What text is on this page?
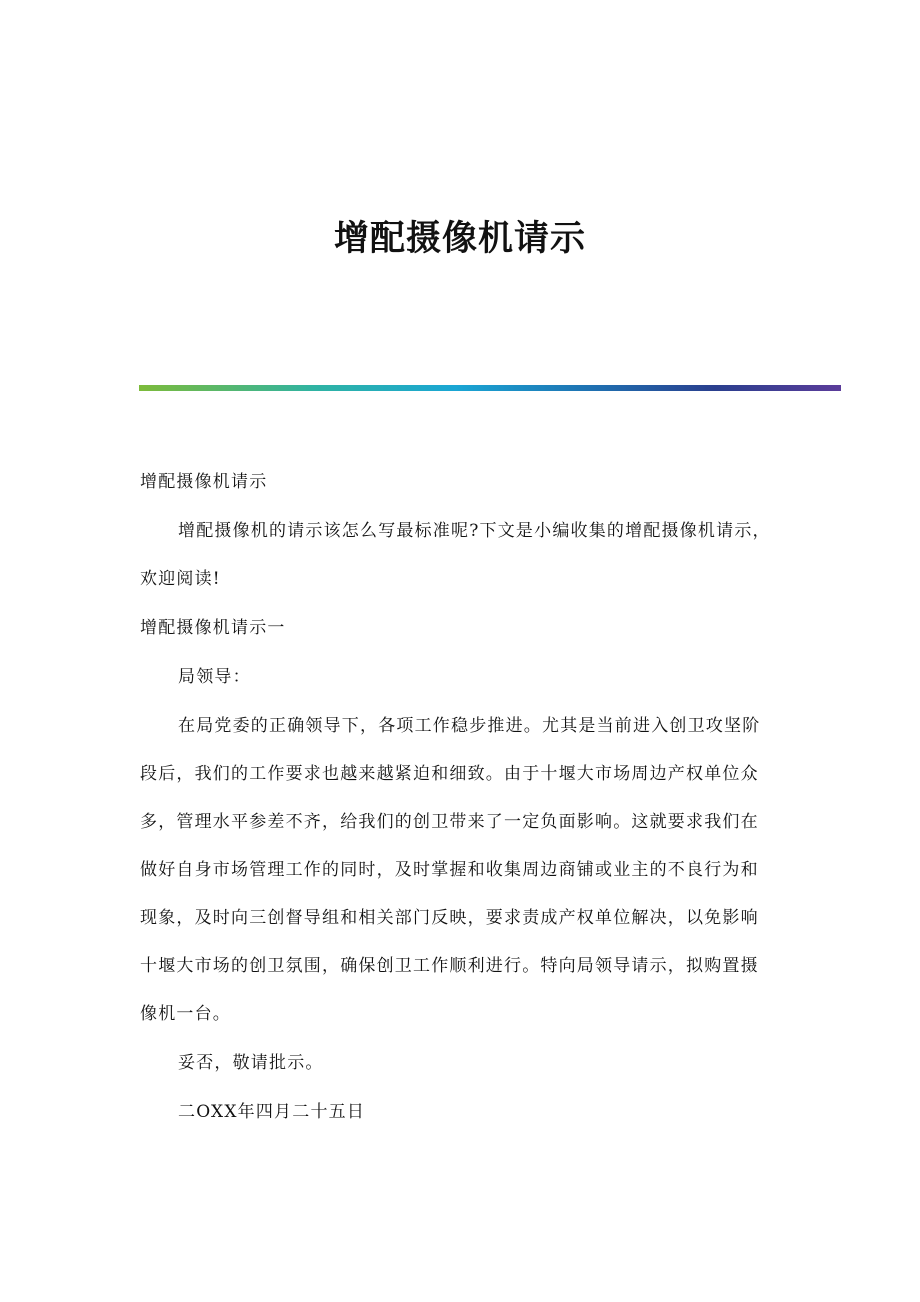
增配摄像机请示

增配摄像机请示

增配摄像机的请示该怎么写最标准呢?下文是小编收集的增配摄像机请示，欢迎阅读!

增配摄像机请示一

局领导：

在局党委的正确领导下，各项工作稳步推进。尤其是当前进入创卫攻坚阶段后，我们的工作要求也越来越紧迫和细致。由于十堰大市场周边产权单位众多，管理水平参差不齐，给我们的创卫带来了一定负面影响。这就要求我们在做好自身市场管理工作的同时，及时掌握和收集周边商铺或业主的不良行为和现象，及时向三创督导组和相关部门反映，要求责成产权单位解决，以免影响十堰大市场的创卫氛围，确保创卫工作顺利进行。特向局领导请示，拟购置摄像机一台。

妥否，敬请批示。

二OXX年四月二十五日
